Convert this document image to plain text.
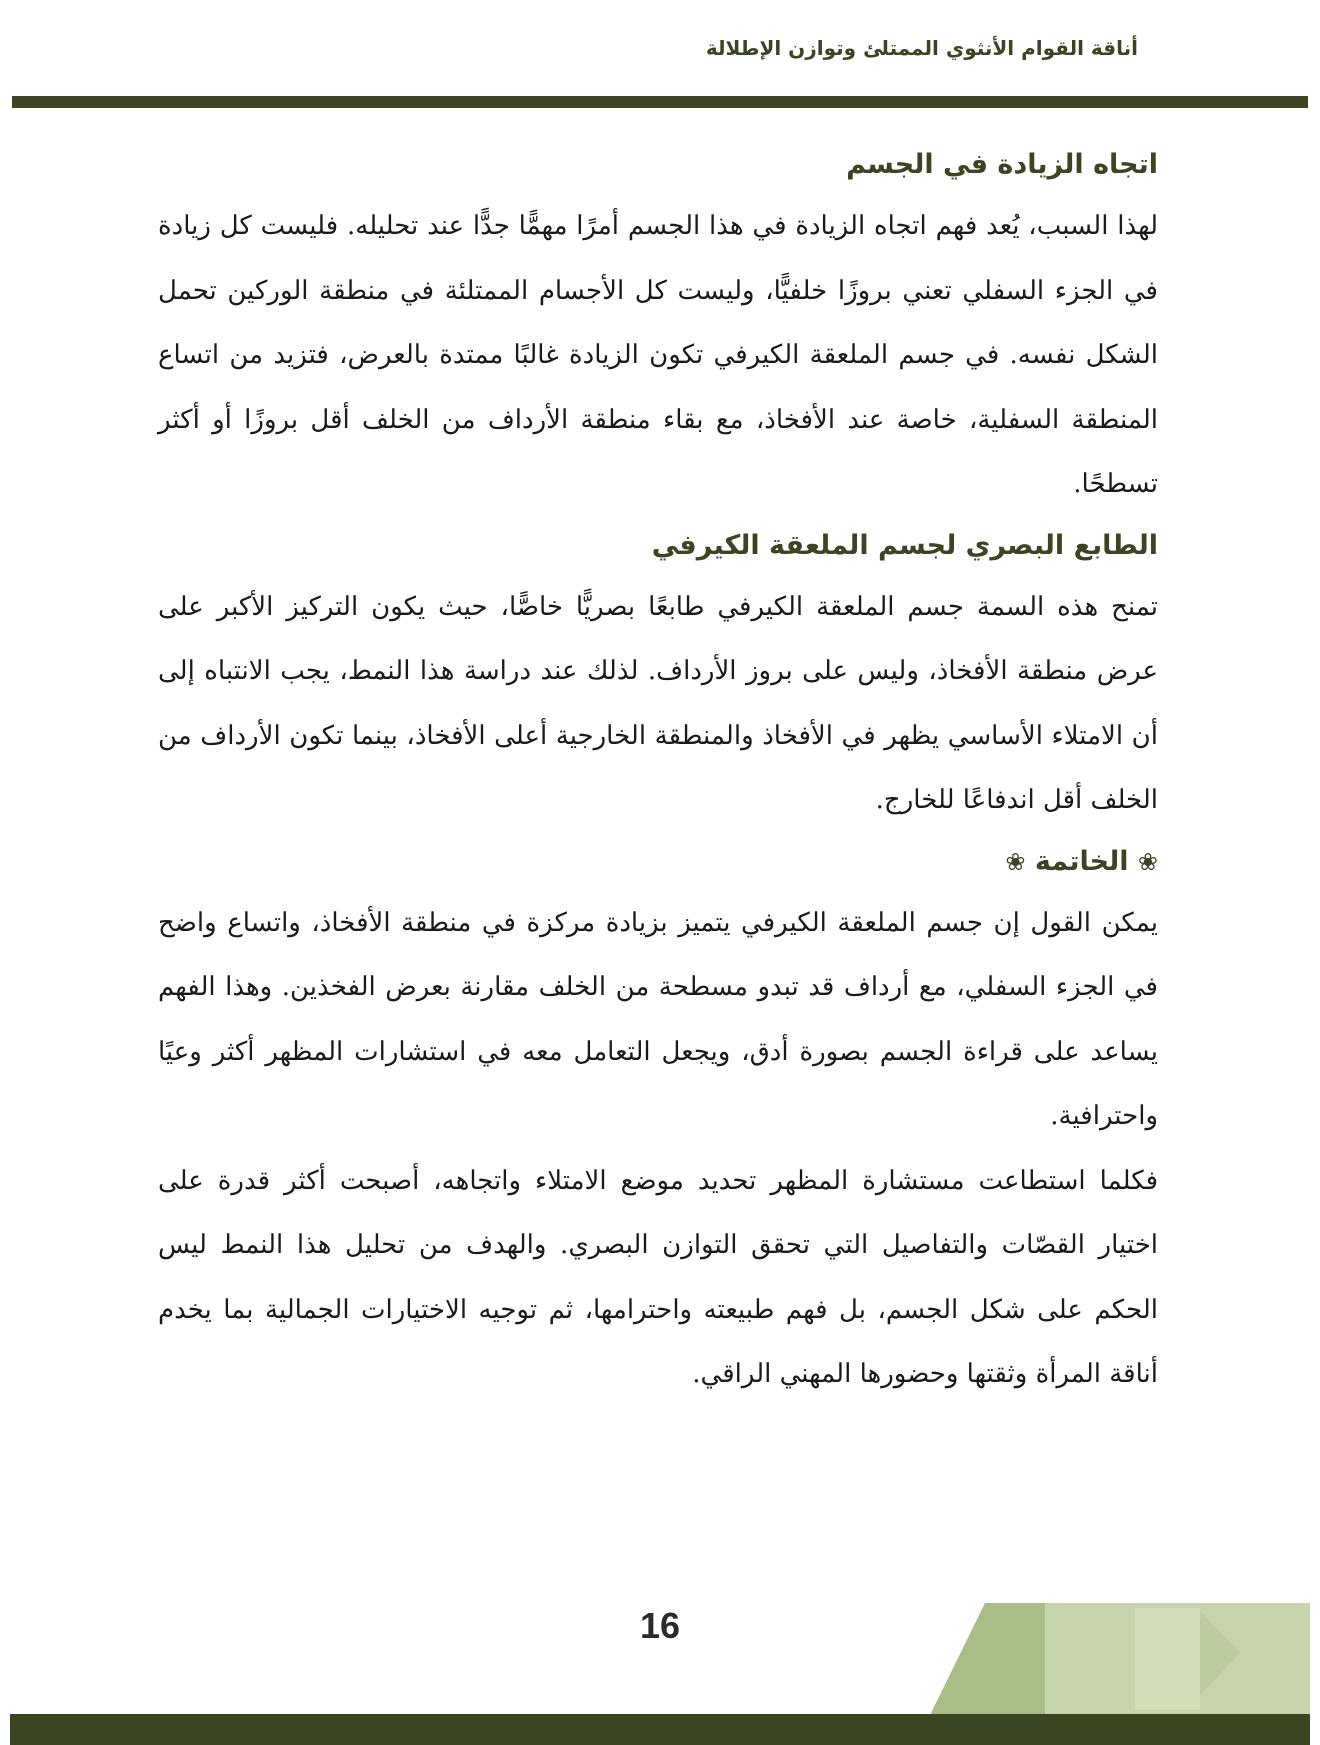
أناقة القوام الأنثوي الممتلئ وتوازن الإطلالة
اتجاه الزيادة في الجسم

لهذا السبب، يُعد فهم اتجاه الزيادة في هذا الجسم أمرًا مهمًّا جدًّا عند تحليله. فليست كل زيادة في الجزء السفلي تعني بروزًا خلفيًّا، وليست كل الأجسام الممتلئة في منطقة الوركين تحمل الشكل نفسه. في جسم الملعقة الكيرفي تكون الزيادة غالبًا ممتدة بالعرض، فتزيد من اتساع المنطقة السفلية، خاصة عند الأفخاذ، مع بقاء منطقة الأرداف من الخلف أقل بروزًا أو أكثر تسطحًا.

الطابع البصري لجسم الملعقة الكيرفي

تمنح هذه السمة جسم الملعقة الكيرفي طابعًا بصريًّا خاصًّا، حيث يكون التركيز الأكبر على عرض منطقة الأفخاذ، وليس على بروز الأرداف. لذلك عند دراسة هذا النمط، يجب الانتباه إلى أن الامتلاء الأساسي يظهر في الأفخاذ والمنطقة الخارجية أعلى الأفخاذ، بينما تكون الأرداف من الخلف أقل اندفاعًا للخارج.

❀ الخاتمة ❀

يمكن القول إن جسم الملعقة الكيرفي يتميز بزيادة مركزة في منطقة الأفخاذ، واتساع واضح في الجزء السفلي، مع أرداف قد تبدو مسطحة من الخلف مقارنة بعرض الفخذين. وهذا الفهم يساعد على قراءة الجسم بصورة أدق، ويجعل التعامل معه في استشارات المظهر أكثر وعيًا واحترافية.

فكلما استطاعت مستشارة المظهر تحديد موضع الامتلاء واتجاهه، أصبحت أكثر قدرة على اختيار القصّات والتفاصيل التي تحقق التوازن البصري. والهدف من تحليل هذا النمط ليس الحكم على شكل الجسم، بل فهم طبيعته واحترامها، ثم توجيه الاختيارات الجمالية بما يخدم أناقة المرأة وثقتها وحضورها المهني الراقي.

16
